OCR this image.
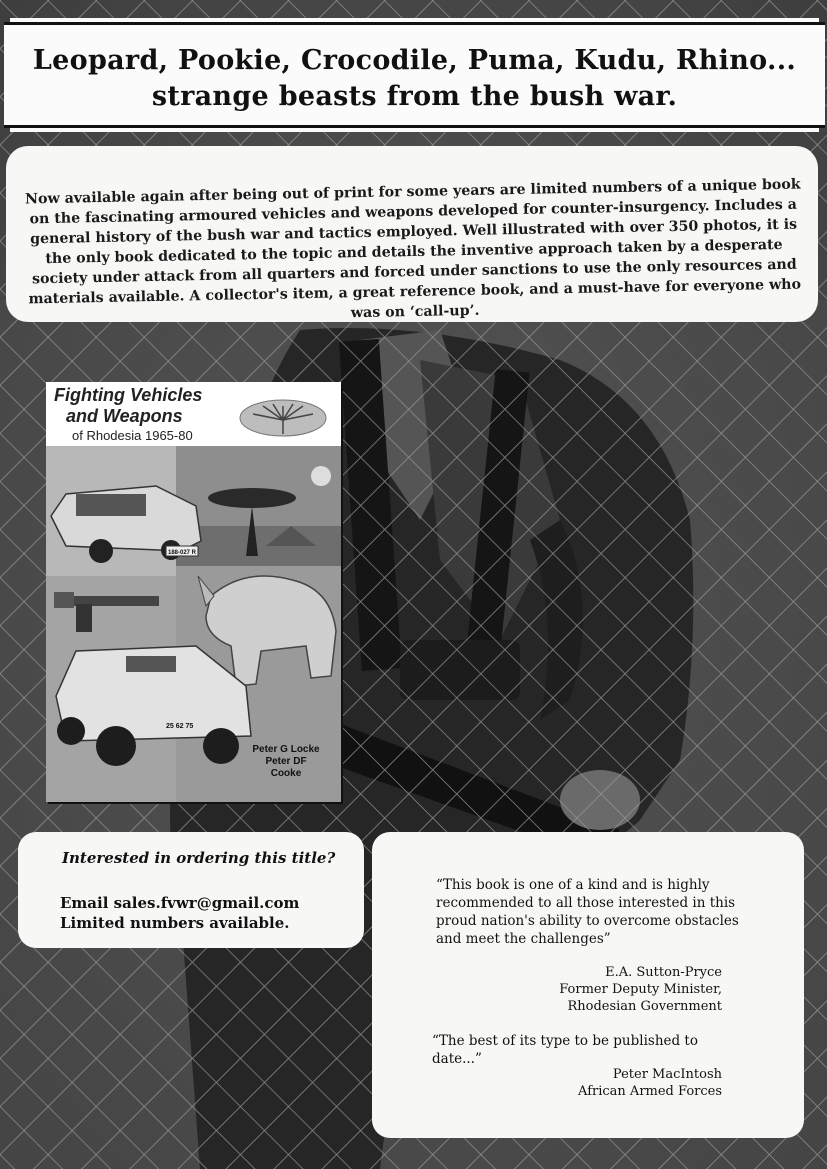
Leopard, Pookie, Crocodile, Puma, Kudu, Rhino...
strange beasts from the bush war.
Now available again after being out of print for some years are limited numbers of a unique book on the fascinating armoured vehicles and weapons developed for counter-insurgency. Includes a general history of the bush war and tactics employed. Well illustrated with over 350 photos, it is the only book dedicated to the topic and details the inventive approach taken by a desperate society under attack from all quarters and forced under sanctions to use the only resources and materials available. A collector's item, a great reference book, and a must-have for everyone who was on ‘call-up’.
Fighting Vehicles
and Weapons
of Rhodesia 1965-80
188-027 R
25 62 75
Peter G Locke
Peter DF Cooke
Interested in ordering this title?
Email sales.fvwr@gmail.com
Limited numbers available.
“This book is one of a kind and is highly recommended to all those interested in this proud nation's ability to overcome obstacles and meet the challenges”
E.A. Sutton-Pryce
Former Deputy Minister,
Rhodesian Government
“The best of its type to be published to date...”
Peter MacIntosh
African Armed Forces
